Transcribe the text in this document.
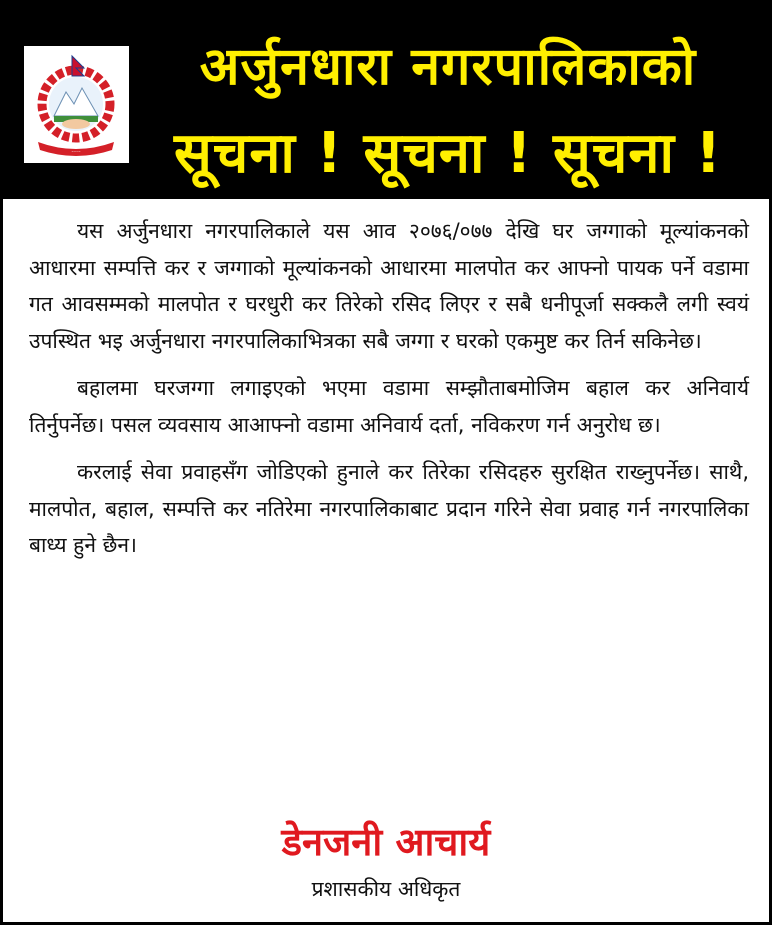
.....
अर्जुनधारा नगरपालिकाको
सूचना ! सूचना ! सूचना !

यस अर्जुनधारा नगरपालिकाले यस आव २०७६/०७७ देखि घर जग्गाको मूल्यांकनको आधारमा सम्पत्ति कर र जग्गाको मूल्यांकनको आधारमा मालपोत कर आफ्नो पायक पर्ने वडामा गत आवसम्मको मालपोत र घरधुरी कर तिरेको रसिद लिएर र सबै धनीपूर्जा सक्कलै लगी स्वयं उपस्थित भइ अर्जुनधारा नगरपालिकाभित्रका सबै जग्गा र घरको एकमुष्ट कर तिर्न सकिनेछ।

बहालमा घरजग्गा लगाइएको भएमा वडामा सम्झौताबमोजिम बहाल कर अनिवार्य तिर्नुपर्नेछ। पसल व्यवसाय आआफ्नो वडामा अनिवार्य दर्ता, नविकरण गर्न अनुरोध छ।

करलाई सेवा प्रवाहसँग जोडिएको हुनाले कर तिरेका रसिदहरु सुरक्षित राख्नुपर्नेछ। साथै, मालपोत, बहाल, सम्पत्ति कर नतिरेमा नगरपालिकाबाट प्रदान गरिने सेवा प्रवाह गर्न नगरपालिका बाध्य हुने छैन।

डेनजनी आचार्य
प्रशासकीय अधिकृत
